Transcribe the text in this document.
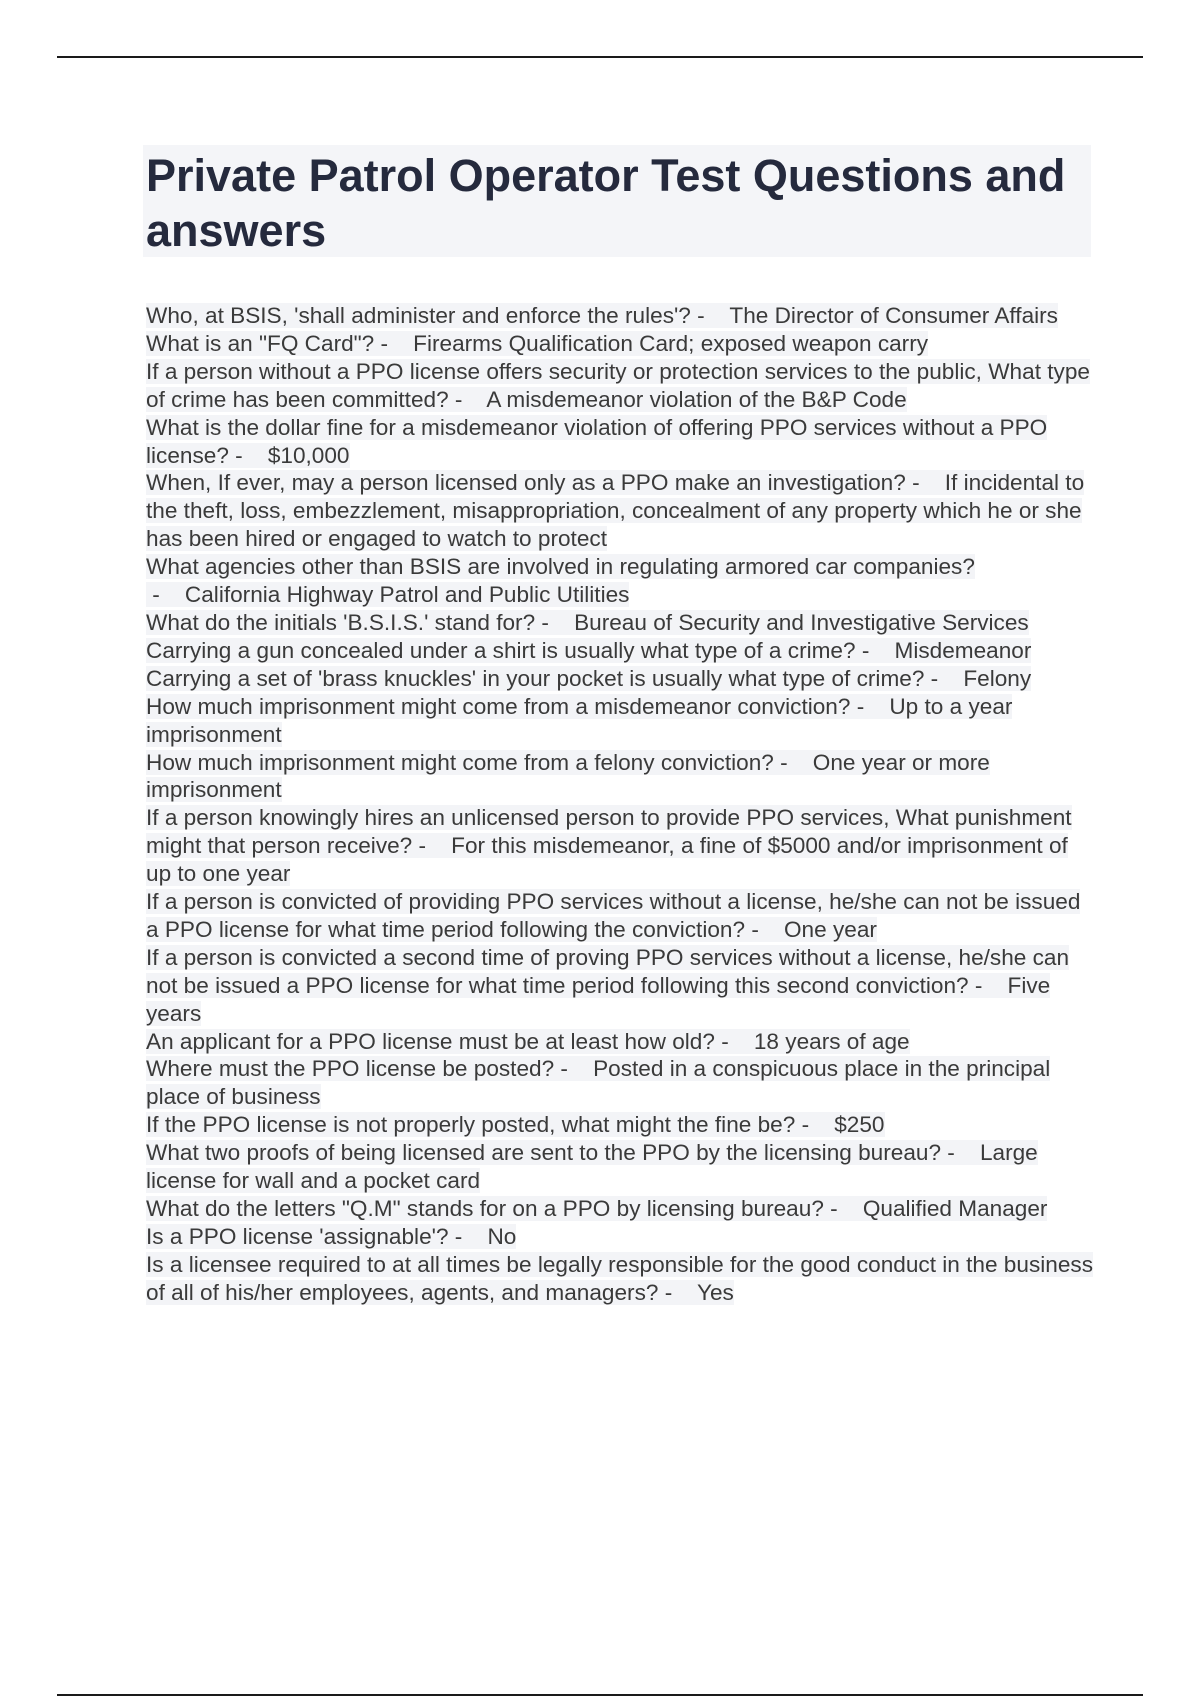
Private Patrol Operator Test Questions and answers
Who, at BSIS, 'shall administer and enforce the rules'? -    The Director of Consumer Affairs
What is an "FQ Card"? -    Firearms Qualification Card; exposed weapon carry
If a person without a PPO license offers security or protection services to the public, What type of crime has been committed? -    A misdemeanor violation of the B&P Code
What is the dollar fine for a misdemeanor violation of offering PPO services without a PPO license? -    $10,000
When, If ever, may a person licensed only as a PPO make an investigation? -    If incidental to the theft, loss, embezzlement, misappropriation, concealment of any property which he or she has been hired or engaged to watch to protect
What agencies other than BSIS are involved in regulating armored car companies? -    California Highway Patrol and Public Utilities
What do the initials 'B.S.I.S.' stand for? -    Bureau of Security and Investigative Services
Carrying a gun concealed under a shirt is usually what type of a crime? -    Misdemeanor
Carrying a set of 'brass knuckles' in your pocket is usually what type of crime? -    Felony
How much imprisonment might come from a misdemeanor conviction? -    Up to a year imprisonment
How much imprisonment might come from a felony conviction? -    One year or more imprisonment
If a person knowingly hires an unlicensed person to provide PPO services, What punishment might that person receive? -    For this misdemeanor, a fine of $5000 and/or imprisonment of up to one year
If a person is convicted of providing PPO services without a license, he/she can not be issued a PPO license for what time period following the conviction? -    One year
If a person is convicted a second time of proving PPO services without a license, he/she can not be issued a PPO license for what time period following this second conviction? -    Five years
An applicant for a PPO license must be at least how old? -    18 years of age
Where must the PPO license be posted? -    Posted in a conspicuous place in the principal place of business
If the PPO license is not properly posted, what might the fine be? -    $250
What two proofs of being licensed are sent to the PPO by the licensing bureau? -    Large license for wall and a pocket card
What do the letters "Q.M" stands for on a PPO by licensing bureau? -    Qualified Manager
Is a PPO license 'assignable'? -    No
Is a licensee required to at all times be legally responsible for the good conduct in the business of all of his/her employees, agents, and managers? -    Yes
